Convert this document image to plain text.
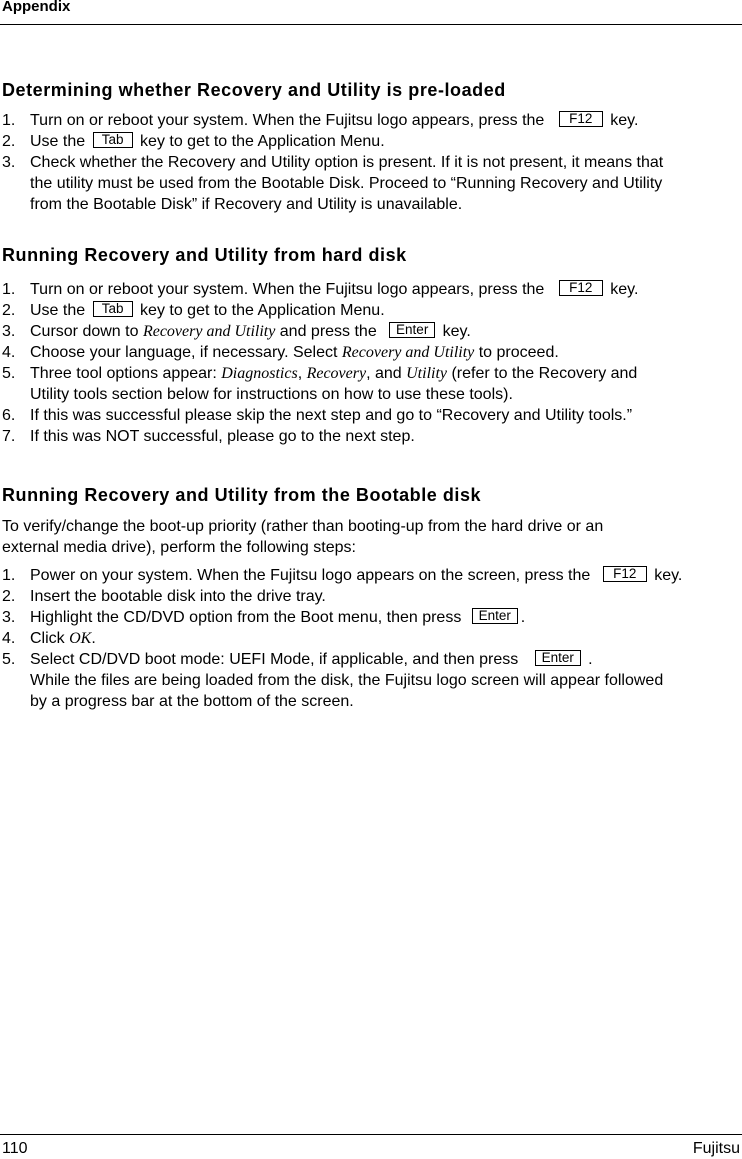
Appendix
Determining whether Recovery and Utility is pre-loaded
1. Turn on or reboot your system. When the Fujitsu logo appears, press the F12 key.
2. Use the Tab key to get to the Application Menu.
3. Check whether the Recovery and Utility option is present. If it is not present, it means that the utility must be used from the Bootable Disk. Proceed to “Running Recovery and Utility from the Bootable Disk” if Recovery and Utility is unavailable.
Running Recovery and Utility from hard disk
1. Turn on or reboot your system. When the Fujitsu logo appears, press the F12 key.
2. Use the Tab key to get to the Application Menu.
3. Cursor down to Recovery and Utility and press the Enter key.
4. Choose your language, if necessary. Select Recovery and Utility to proceed.
5. Three tool options appear: Diagnostics, Recovery, and Utility (refer to the Recovery and Utility tools section below for instructions on how to use these tools).
6. If this was successful please skip the next step and go to “Recovery and Utility tools.”
7. If this was NOT successful, please go to the next step.
Running Recovery and Utility from the Bootable disk

To verify/change the boot-up priority (rather than booting-up from the hard drive or an external media drive), perform the following steps:

1. Power on your system. When the Fujitsu logo appears on the screen, press the F12 key.
2. Insert the bootable disk into the drive tray.
3. Highlight the CD/DVD option from the Boot menu, then press Enter .
4. Click OK.
5. Select CD/DVD boot mode: UEFI Mode, if applicable, and then press Enter .
While the files are being loaded from the disk, the Fujitsu logo screen will appear followed by a progress bar at the bottom of the screen.
110	Fujitsu
